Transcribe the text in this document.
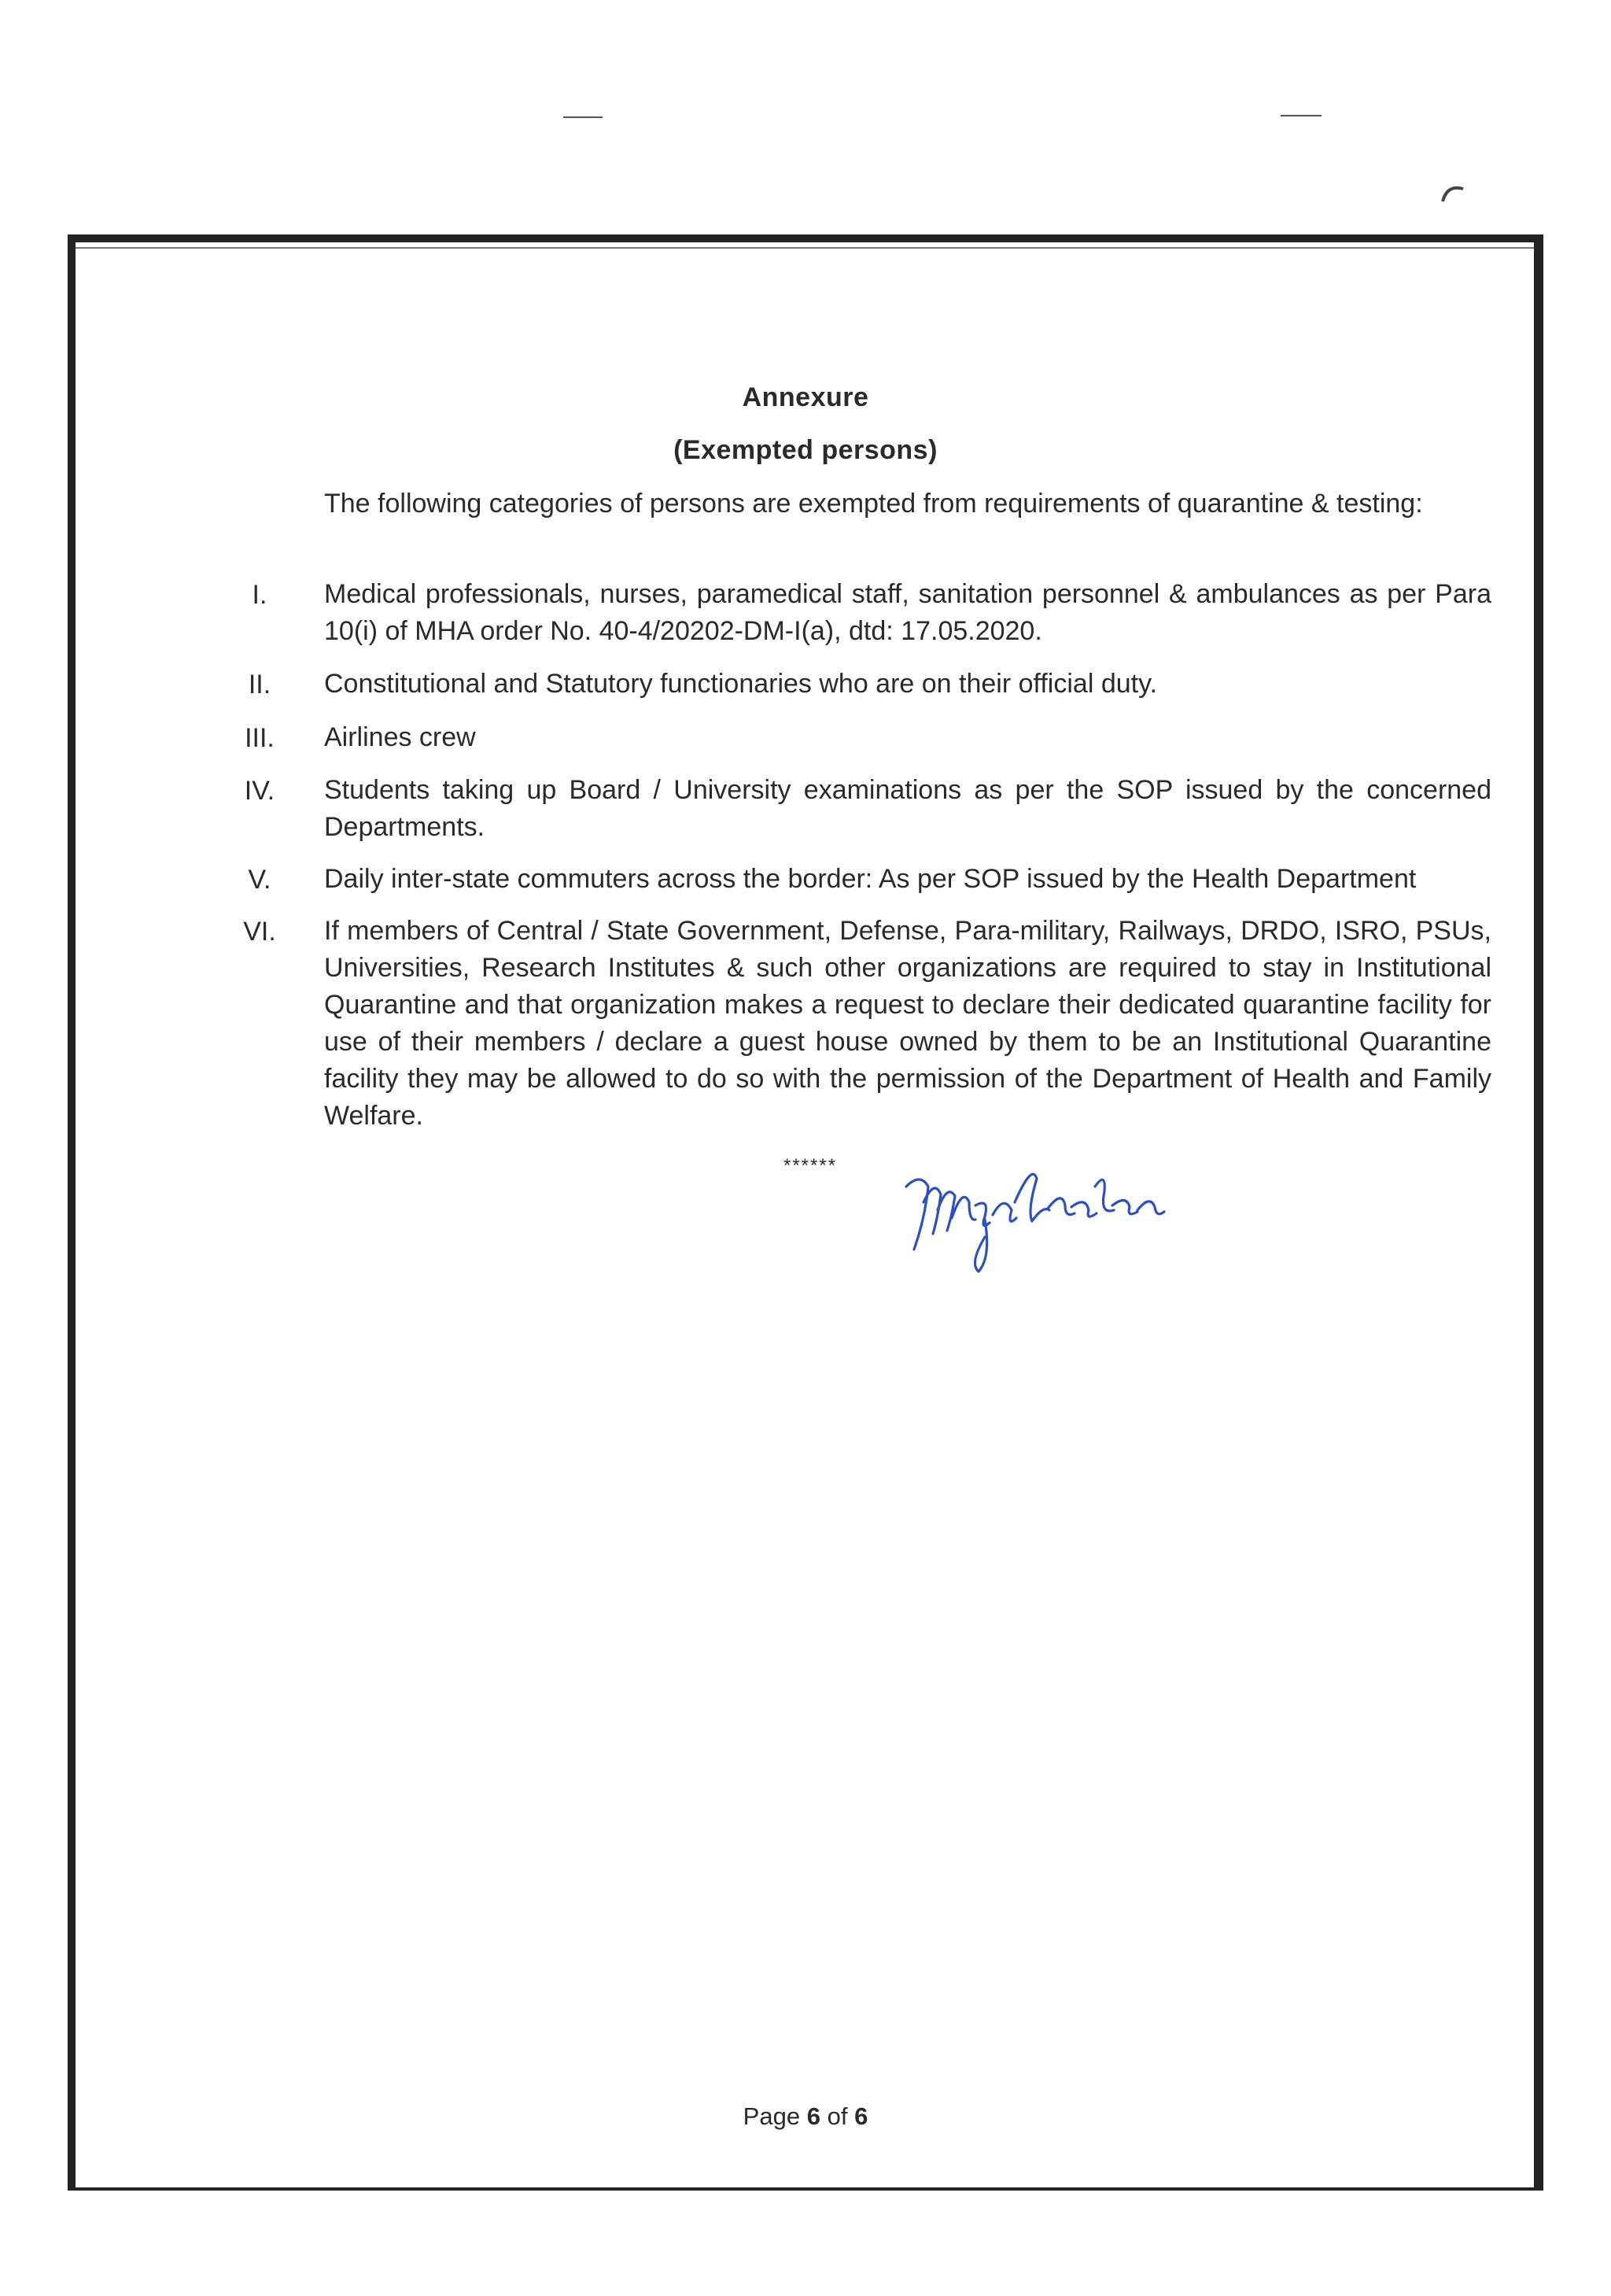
Annexure
(Exempted persons)
The following categories of persons are exempted from requirements of quarantine & testing:
I.	Medical professionals, nurses, paramedical staff, sanitation personnel & ambulances as per Para 10(i) of MHA order No. 40-4/20202-DM-I(a), dtd: 17.05.2020.
II.	Constitutional and Statutory functionaries who are on their official duty.
III.	Airlines crew
IV.	Students taking up Board / University examinations as per the SOP issued by the concerned Departments.
V.	Daily inter-state commuters across the border: As per SOP issued by the Health Department
VI. If members of Central / State Government, Defense, Para-military, Railways, DRDO, ISRO, PSUs, Universities, Research Institutes & such other organizations are required to stay in Institutional Quarantine and that organization makes a request to declare their dedicated quarantine facility for use of their members / declare a guest house owned by them to be an Institutional Quarantine facility they may be allowed to do so with the permission of the Department of Health and Family Welfare.
******
Page 6 of 6
